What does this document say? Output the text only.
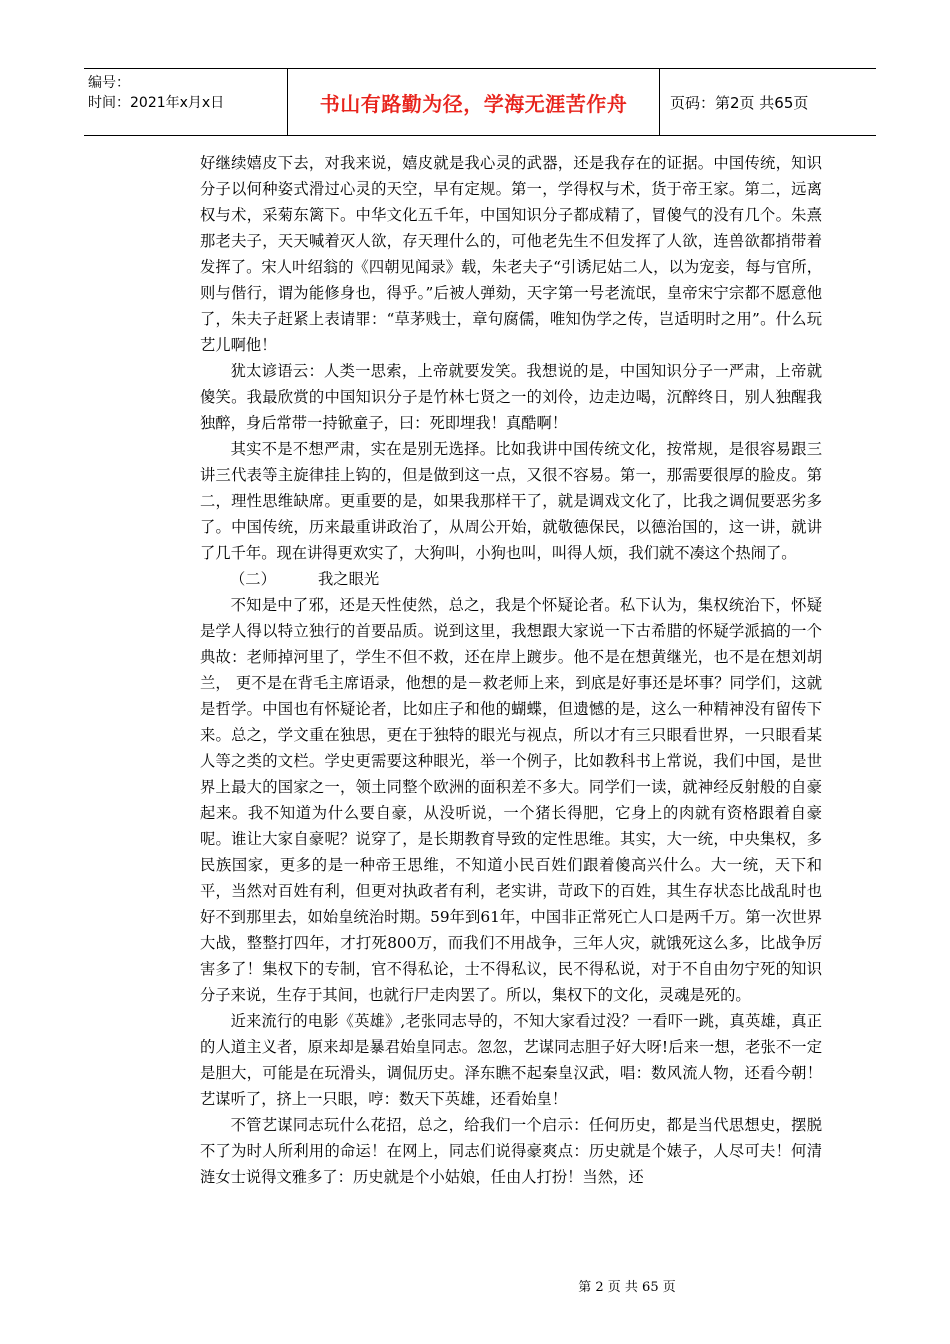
编号：
时间：2021年x月x日	书山有路勤为径，学海无涯苦作舟	页码：第2页 共65页

好继续嬉皮下去，对我来说，嬉皮就是我心灵的武器，还是我存在的证据。中国传统，知识分子以何种姿式滑过心灵的天空，早有定规。第一，学得权与术，货于帝王家。第二，远离权与术，采菊东篱下。中华文化五千年，中国知识分子都成精了，冒傻气的没有几个。朱熹那老夫子，天天喊着灭人欲，存天理什么的，可他老先生不但发挥了人欲，连兽欲都捎带着发挥了。宋人叶绍翁的《四朝见闻录》载，朱老夫子“引诱尼姑二人，以为宠妾，每与官所，则与偕行，谓为能修身也，得乎。”后被人弹劾，天字第一号老流氓，皇帝宋宁宗都不愿意他了，朱夫子赶紧上表请罪：“草茅贱士，章句腐儒，唯知伪学之传，岂适明时之用”。什么玩艺儿啊他！

犹太谚语云：人类一思索，上帝就要发笑。我想说的是，中国知识分子一严肃，上帝就傻笑。我最欣赏的中国知识分子是竹林七贤之一的刘伶，边走边喝，沉醉终日，别人独醒我独醉，身后常带一持锨童子，曰：死即埋我！真酷啊！

其实不是不想严肃，实在是别无选择。比如我讲中国传统文化，按常规，是很容易跟三讲三代表等主旋律挂上钩的，但是做到这一点，又很不容易。第一，那需要很厚的脸皮。第二，理性思维缺席。更重要的是，如果我那样干了，就是调戏文化了，比我之调侃要恶劣多了。中国传统，历来最重讲政治了，从周公开始，就敬德保民，以德治国的，这一讲，就讲了几千年。现在讲得更欢实了，大狗叫，小狗也叫，叫得人烦，我们就不凑这个热闹了。

（二）	我之眼光

不知是中了邪，还是天性使然，总之，我是个怀疑论者。私下认为，集权统治下，怀疑是学人得以特立独行的首要品质。说到这里，我想跟大家说一下古希腊的怀疑学派搞的一个典故：老师掉河里了，学生不但不救，还在岸上踱步。他不是在想黄继光，也不是在想刘胡兰， 更不是在背毛主席语录，他想的是－救老师上来，到底是好事还是坏事？同学们，这就是哲学。中国也有怀疑论者，比如庄子和他的蝴蝶，但遗憾的是，这么一种精神没有留传下来。总之，学文重在独思，更在于独特的眼光与视点，所以才有三只眼看世界，一只眼看某人等之类的文栏。学史更需要这种眼光，举一个例子，比如教科书上常说，我们中国，是世界上最大的国家之一，领土同整个欧洲的面积差不多大。同学们一读，就神经反射般的自豪起来。我不知道为什么要自豪，从没听说，一个猪长得肥，它身上的肉就有资格跟着自豪呢。谁让大家自豪呢？说穿了，是长期教育导致的定性思维。其实，大一统，中央集权，多民族国家，更多的是一种帝王思维，不知道小民百姓们跟着傻高兴什么。大一统，天下和平，当然对百姓有利，但更对执政者有利，老实讲，苛政下的百姓，其生存状态比战乱时也好不到那里去，如始皇统治时期。59年到61年，中国非正常死亡人口是两千万。第一次世界大战，整整打四年，才打死800万，而我们不用战争，三年人灾，就饿死这么多，比战争厉害多了！集权下的专制，官不得私论，士不得私议，民不得私说，对于不自由勿宁死的知识分子来说，生存于其间，也就行尸走肉罢了。所以，集权下的文化，灵魂是死的。

近来流行的电影《英雄》,老张同志导的，不知大家看过没？一看吓一跳，真英雄，真正的人道主义者，原来却是暴君始皇同志。忽忽，艺谋同志胆子好大呀!后来一想，老张不一定是胆大，可能是在玩滑头，调侃历史。泽东瞧不起秦皇汉武，唱：数风流人物，还看今朝！艺谋听了，挤上一只眼，哼：数天下英雄，还看始皇！

不管艺谋同志玩什么花招，总之，给我们一个启示：任何历史，都是当代思想史，摆脱不了为时人所利用的命运！在网上，同志们说得豪爽点：历史就是个婊子，人尽可夫！何清涟女士说得文雅多了：历史就是个小姑娘，任由人打扮！当然，还

第 2 页 共 65 页
